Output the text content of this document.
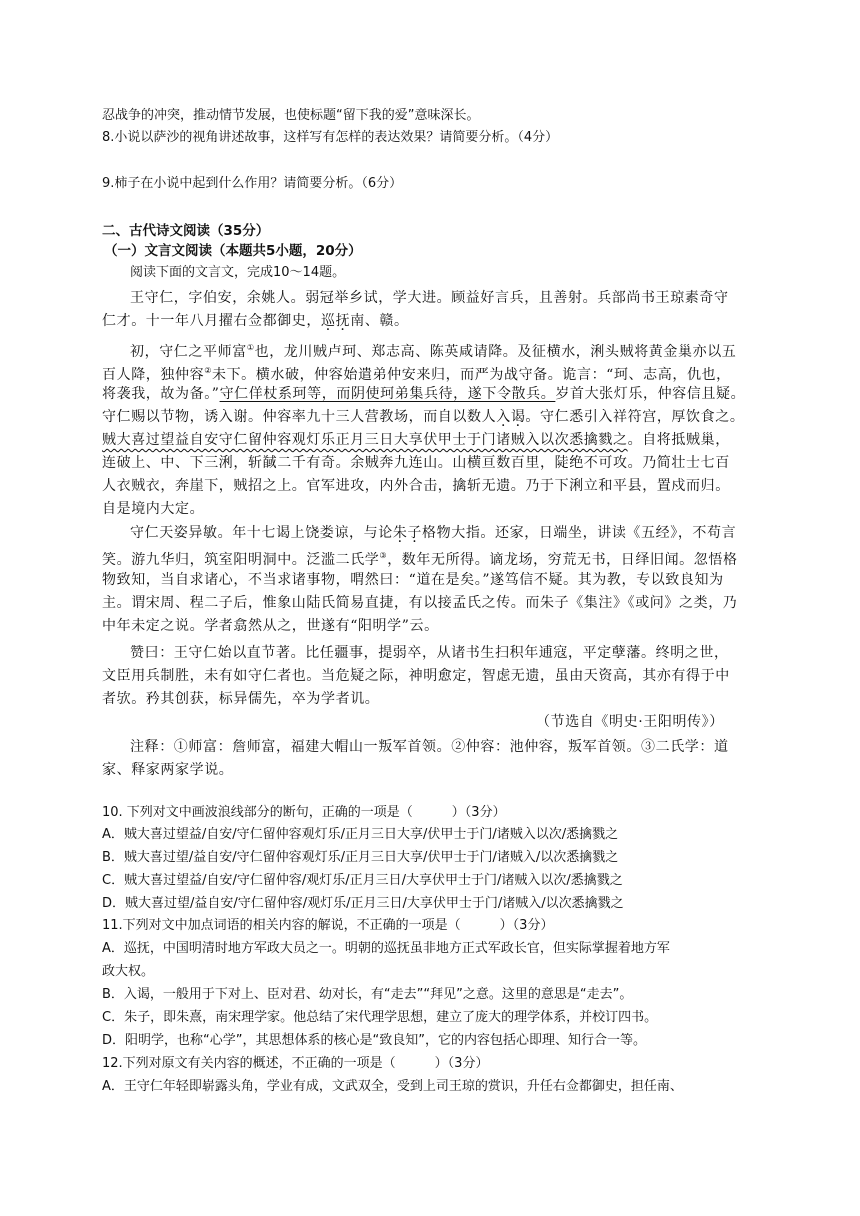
忍战争的冲突，推动情节发展，也使标题“留下我的爱”意味深长。
8.小说以萨沙的视角讲述故事，这样写有怎样的表达效果？请简要分析。（4分）
9.柿子在小说中起到什么作用？请简要分析。（6分）
二、古代诗文阅读（35分）
（一）文言文阅读（本题共5小题，20分）
阅读下面的文言文，完成10～14题。
王守仁，字伯安，余姚人。弱冠举乡试，学大进。顾益好言兵，且善射。兵部尚书王琼素奇守
仁才。十一年八月擢右佥都御史，巡抚南、赣。
初，守仁之平师富①也，龙川贼卢珂、郑志高、陈英咸请降。及征横水，浰头贼将黄金巢亦以五
百人降，独仲容②未下。横水破，仲容始遣弟仲安来归，而严为战守备。诡言：“珂、志高，仇也，
将袭我，故为备。”守仁佯杖系珂等，而阴使珂弟集兵待，遂下令散兵。岁首大张灯乐，仲容信且疑。
守仁赐以节物，诱入谢。仲容率九十三人营教场，而自以数人入谒。守仁悉引入祥符宫，厚饮食之。
贼大喜过望益自安守仁留仲容观灯乐正月三日大享伏甲士于门诸贼入以次悉擒戮之。自将抵贼巢，
连破上、中、下三浰，斩馘二千有奇。余贼奔九连山。山横亘数百里，陡绝不可攻。乃简壮士七百
人衣贼衣，奔崖下，贼招之上。官军进攻，内外合击，擒斩无遗。乃于下浰立和平县，置戍而归。
自是境内大定。
守仁天姿异敏。年十七谒上饶娄谅，与论朱子格物大指。还家，日端坐，讲读《五经》，不苟言
笑。游九华归，筑室阳明洞中。泛滥二氏学③，数年无所得。谪龙场，穷荒无书，日绎旧闻。忽悟格
物致知，当自求诸心，不当求诸事物，喟然曰：“道在是矣。”遂笃信不疑。其为教，专以致良知为
主。谓宋周、程二子后，惟象山陆氏简易直捷，有以接孟氏之传。而朱子《集注》《或问》之类，乃
中年未定之说。学者翕然从之，世遂有“阳明学”云。
赞曰：王守仁始以直节著。比任疆事，提弱卒，从诸书生扫积年逋寇，平定孽藩。终明之世，
文臣用兵制胜，未有如守仁者也。当危疑之际，神明愈定，智虑无遗，虽由天资高，其亦有得于中
者欤。矜其创获，标异儒先，卒为学者讥。
（节选自《明史·王阳明传》）
注释：①师富：詹师富，福建大帽山一叛军首领。②仲容：池仲容，叛军首领。③二氏学：道
家、释家两家学说。
10. 下列对文中画波浪线部分的断句，正确的一项是（　　　）（3分）
A．贼大喜过望益/自安/守仁留仲容观灯乐/正月三日大享/伏甲士于门/诸贼入以次/悉擒戮之
B．贼大喜过望/益自安/守仁留仲容观灯乐/正月三日大享/伏甲士于门/诸贼入/以次悉擒戮之
C．贼大喜过望益/自安/守仁留仲容/观灯乐/正月三日/大享伏甲士于门/诸贼入以次/悉擒戮之
D．贼大喜过望/益自安/守仁留仲容/观灯乐/正月三日/大享伏甲士于门/诸贼入/以次悉擒戮之
11.下列对文中加点词语的相关内容的解说，不正确的一项是（　　　）（3分）
A．巡抚，中国明清时地方军政大员之一。明朝的巡抚虽非地方正式军政长官，但实际掌握着地方军
政大权。
B．入谒，一般用于下对上、臣对君、幼对长，有“走去”“拜见”之意。这里的意思是“走去”。
C．朱子，即朱熹，南宋理学家。他总结了宋代理学思想，建立了庞大的理学体系，并校订四书。
D．阳明学，也称“心学”，其思想体系的核心是“致良知”，它的内容包括心即理、知行合一等。
12.下列对原文有关内容的概述，不正确的一项是（　　　）（3分）
A．王守仁年轻即崭露头角，学业有成，文武双全，受到上司王琼的赏识，升任右佥都御史，担任南、
